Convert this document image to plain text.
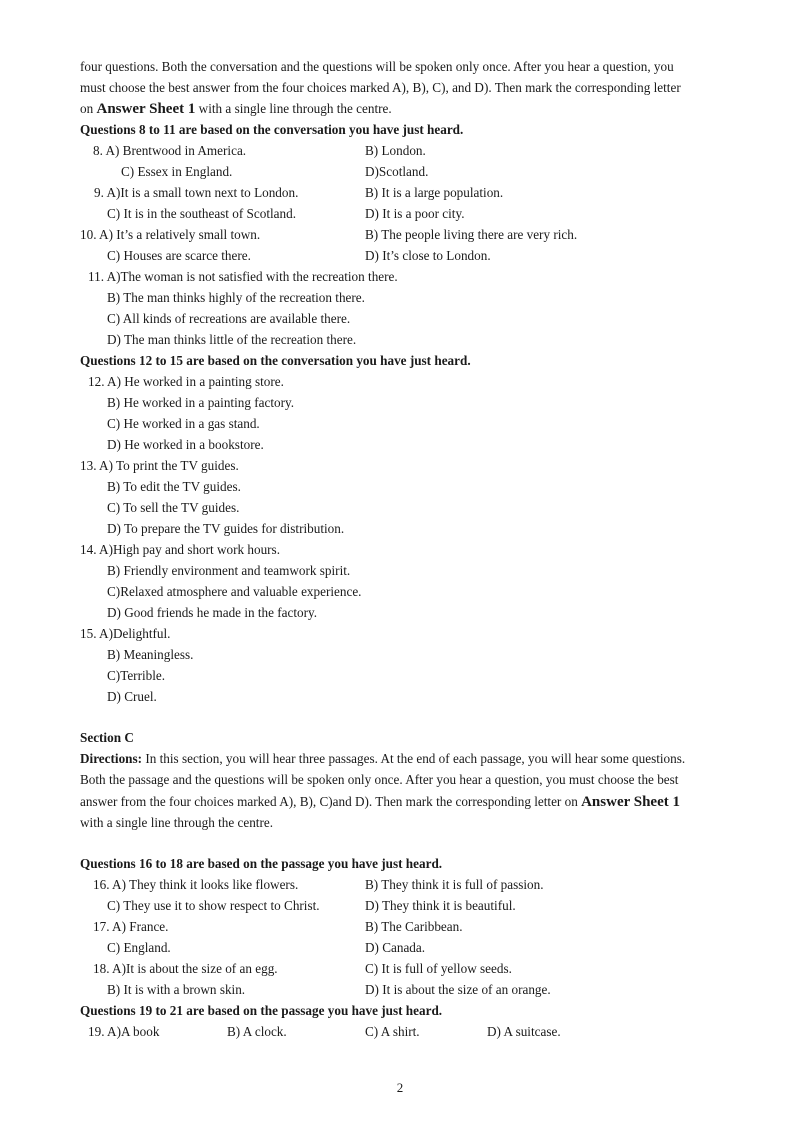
four questions. Both the conversation and the questions will be spoken only once. After you hear a question, you
must choose the best answer from the four choices marked A), B), C), and D). Then mark the corresponding letter
on Answer Sheet 1 with a single line through the centre.
Questions 8 to 11 are based on the conversation you have just heard.
8. A) Brentwood in America.	B) London.
C) Essex in England.	D)Scotland.
9. A)It is a small town next to London.	B) It is a large population.
C) It is in the southeast of Scotland.	D) It is a poor city.
10. A) It’s a relatively small town.	B) The people living there are very rich.
C) Houses are scarce there.	D) It’s close to London.
11. A)The woman is not satisfied with the recreation there.
B) The man thinks highly of the recreation there.
C) All kinds of recreations are available there.
D) The man thinks little of the recreation there.
Questions 12 to 15 are based on the conversation you have just heard.
12. A) He worked in a painting store.
B) He worked in a painting factory.
C) He worked in a gas stand.
D) He worked in a bookstore.
13. A) To print the TV guides.
B) To edit the TV guides.
C) To sell the TV guides.
D) To prepare the TV guides for distribution.
14. A)High pay and short work hours.
B) Friendly environment and teamwork spirit.
C)Relaxed atmosphere and valuable experience.
D) Good friends he made in the factory.
15. A)Delightful.
B) Meaningless.
C)Terrible.
D) Cruel.
Section C
Directions: In this section, you will hear three passages. At the end of each passage, you will hear some questions.
Both the passage and the questions will be spoken only once. After you hear a question, you must choose the best
answer from the four choices marked A), B), C)and D). Then mark the corresponding letter on Answer Sheet 1
with a single line through the centre.
Questions 16 to 18 are based on the passage you have just heard.
16. A) They think it looks like flowers.	B) They think it is full of passion.
C) They use it to show respect to Christ.	D) They think it is beautiful.
17. A) France.	B) The Caribbean.
C) England.	D) Canada.
18. A)It is about the size of an egg.	C) It is full of yellow seeds.
B) It is with a brown skin.	D) It is about the size of an orange.
Questions 19 to 21 are based on the passage you have just heard.
19. A)A book	B) A clock.	C) A shirt.	D) A suitcase.
2
